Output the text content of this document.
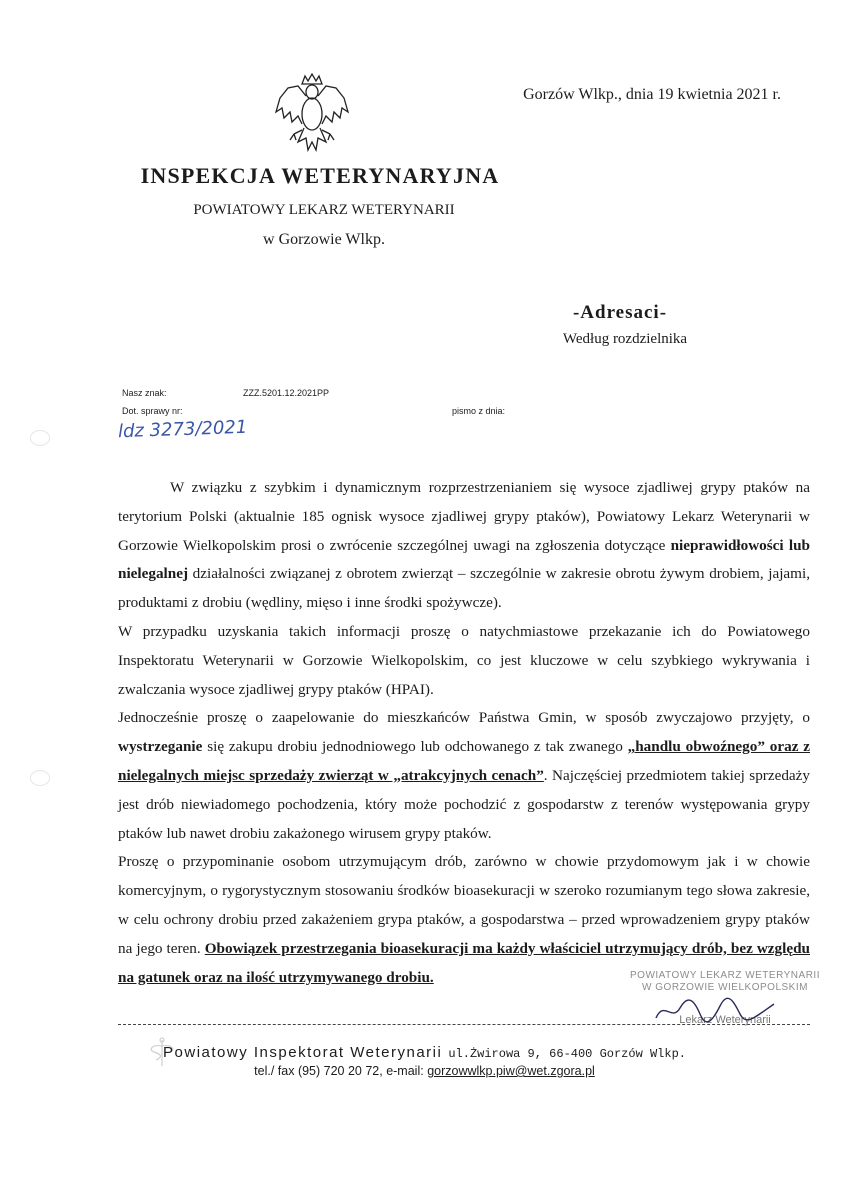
Gorzów Wlkp., dnia 19 kwietnia 2021 r.
INSPEKCJA WETERYNARYJNA
POWIATOWY LEKARZ WETERYNARII
w Gorzowie Wlkp.
-Adresaci-
Według rozdzielnika
Nasz znak:	ZZZ.5201.12.2021PP
Dot. sprawy nr:
ldz 3273/2021
pismo z dnia:

W związku z szybkim i dynamicznym rozprzestrzenianiem się wysoce zjadliwej grypy ptaków na terytorium Polski (aktualnie 185 ognisk wysoce zjadliwej grypy ptaków), Powiatowy Lekarz Weterynarii w Gorzowie Wielkopolskim prosi o zwrócenie szczególnej uwagi na zgłoszenia dotyczące nieprawidłowości lub nielegalnej działalności związanej z obrotem zwierząt – szczególnie w zakresie obrotu żywym drobiem, jajami, produktami z drobiu (wędliny, mięso i inne środki spożywcze).

W przypadku uzyskania takich informacji proszę o natychmiastowe przekazanie ich do Powiatowego Inspektoratu Weterynarii w Gorzowie Wielkopolskim, co jest kluczowe w celu szybkiego wykrywania i zwalczania wysoce zjadliwej grypy ptaków (HPAI).

Jednocześnie proszę o zaapelowanie do mieszkańców Państwa Gmin, w sposób zwyczajowo przyjęty, o wystrzeganie się zakupu drobiu jednodniowego lub odchowanego z tak zwanego „handlu obwoźnego” oraz z nielegalnych miejsc sprzedaży zwierząt w „atrakcyjnych cenach”. Najczęściej przedmiotem takiej sprzedaży jest drób niewiadomego pochodzenia, który może pochodzić z gospodarstw z terenów występowania grypy ptaków lub nawet drobiu zakażonego wirusem grypy ptaków.

Proszę o przypominanie osobom utrzymującym drób, zarówno w chowie przydomowym jak i w chowie komercyjnym, o rygorystycznym stosowaniu środków bioasekuracji w szeroko rozumianym tego słowa zakresie, w celu ochrony drobiu przed zakażeniem grypa ptaków, a gospodarstwa – przed wprowadzeniem grypy ptaków na jego teren. Obowiązek przestrzegania bioasekuracji ma każdy właściciel utrzymujący drób, bez względu na gatunek oraz na ilość utrzymywanego drobiu.	POWIATOWY LEKARZ WETERYNARII
W GORZOWIE WIELKOPOLSKIM
Lekarz Weterynarii
Powiatowy Inspektorat Weterynarii ul.Żwirowa 9, 66-400 Gorzów Wlkp.
tel./ fax (95) 720 20 72, e-mail: gorzowwlkp.piw@wet.zgora.pl
